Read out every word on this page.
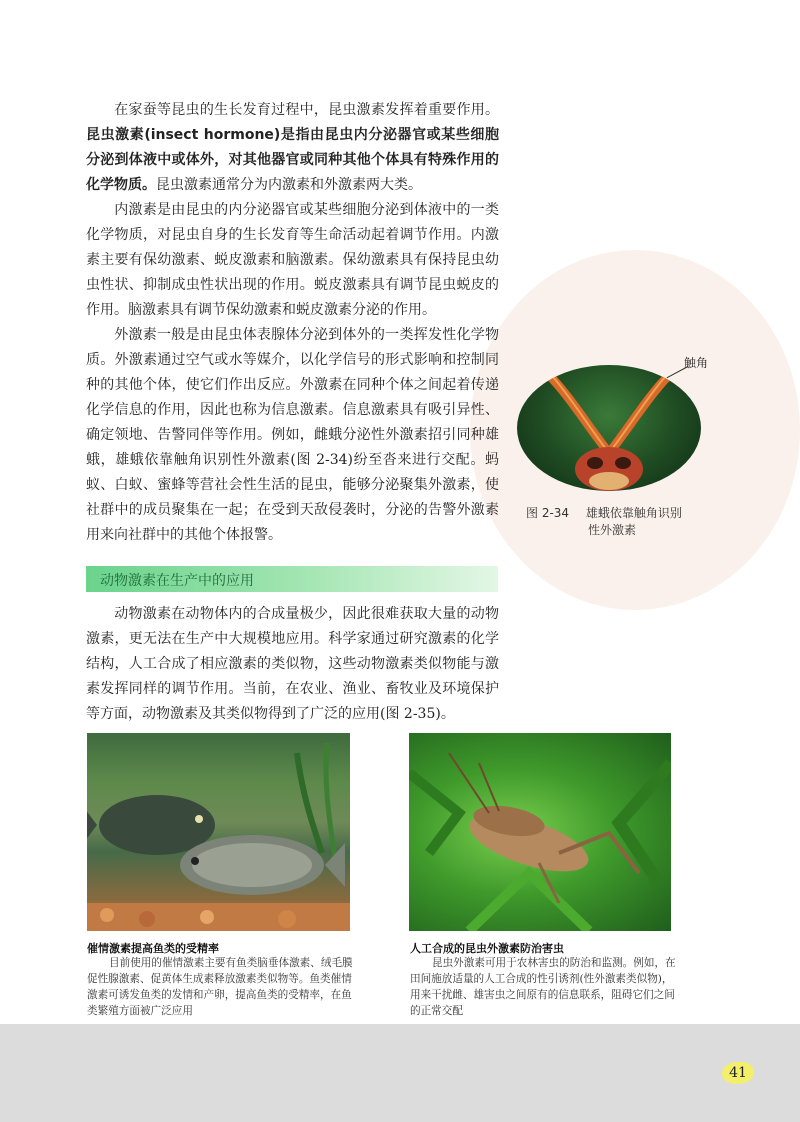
在家蚕等昆虫的生长发育过程中，昆虫激素发挥着重要作用。昆虫激素(insect hormone)是指由昆虫内分泌器官或某些细胞分泌到体液中或体外，对其他器官或同种其他个体具有特殊作用的化学物质。昆虫激素通常分为内激素和外激素两大类。

内激素是由昆虫的内分泌器官或某些细胞分泌到体液中的一类化学物质，对昆虫自身的生长发育等生命活动起着调节作用。内激素主要有保幼激素、蜕皮激素和脑激素。保幼激素具有保持昆虫幼虫性状、抑制成虫性状出现的作用。蜕皮激素具有调节昆虫蜕皮的作用。脑激素具有调节保幼激素和蜕皮激素分泌的作用。

外激素一般是由昆虫体表腺体分泌到体外的一类挥发性化学物质。外激素通过空气或水等媒介，以化学信号的形式影响和控制同种的其他个体，使它们作出反应。外激素在同种个体之间起着传递化学信息的作用，因此也称为信息激素。信息激素具有吸引异性、确定领地、告警同伴等作用。例如，雌蛾分泌性外激素招引同种雄蛾，雄蛾依靠触角识别性外激素(图 2-34)纷至沓来进行交配。蚂蚁、白蚁、蜜蜂等营社会性生活的昆虫，能够分泌聚集外激素，使社群中的成员聚集在一起；在受到天敌侵袭时，分泌的告警外激素用来向社群中的其他个体报警。

动物激素在生产中的应用

动物激素在动物体内的合成量极少，因此很难获取大量的动物激素，更无法在生产中大规模地应用。科学家通过研究激素的化学结构，人工合成了相应激素的类似物，这些动物激素类似物能与激素发挥同样的调节作用。当前，在农业、渔业、畜牧业及环境保护等方面，动物激素及其类似物得到了广泛的应用(图 2-35)。

触角
图 2-34 雄蛾依靠触角识别
性外激素
催情激素提高鱼类的受精率

目前使用的催情激素主要有鱼类脑垂体激素、绒毛膜促性腺激素、促黄体生成素释放激素类似物等。鱼类催情激素可诱发鱼类的发情和产卵，提高鱼类的受精率，在鱼类繁殖方面被广泛应用

人工合成的昆虫外激素防治害虫

昆虫外激素可用于农林害虫的防治和监测。例如，在田间施放适量的人工合成的性引诱剂(性外激素类似物)，用来干扰雌、雄害虫之间原有的信息联系，阻碍它们之间的正常交配

41
